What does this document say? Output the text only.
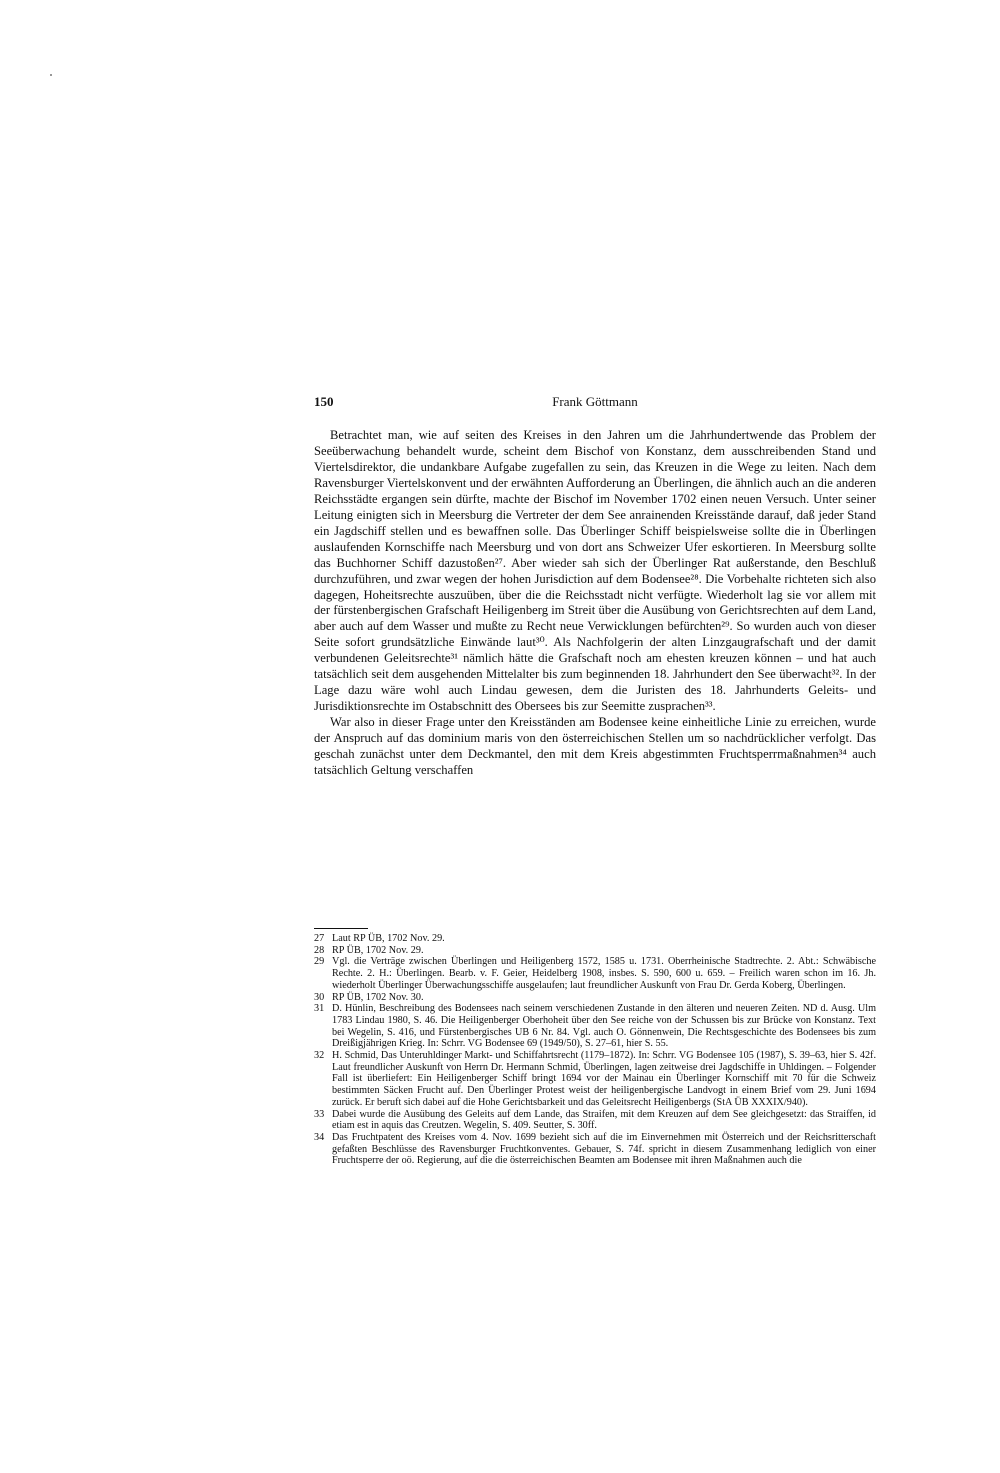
150	Frank Göttmann

Betrachtet man, wie auf seiten des Kreises in den Jahren um die Jahrhundertwende das Problem der Seeüberwachung behandelt wurde, scheint dem Bischof von Konstanz, dem ausschreibenden Stand und Viertelsdirektor, die undankbare Aufgabe zugefallen zu sein, das Kreuzen in die Wege zu leiten. Nach dem Ravensburger Viertelskonvent und der erwähnten Aufforderung an Überlingen, die ähnlich auch an die anderen Reichsstädte ergangen sein dürfte, machte der Bischof im November 1702 einen neuen Versuch. Unter seiner Leitung einigten sich in Meersburg die Vertreter der dem See anrainenden Kreisstände darauf, daß jeder Stand ein Jagdschiff stellen und es bewaffnen solle. Das Überlinger Schiff beispielsweise sollte die in Überlingen auslaufenden Kornschiffe nach Meersburg und von dort ans Schweizer Ufer eskortieren. In Meersburg sollte das Buchhorner Schiff dazustoßen²⁷. Aber wieder sah sich der Überlinger Rat außerstande, den Beschluß durchzuführen, und zwar wegen der hohen Jurisdiction auf dem Bodensee²⁸. Die Vorbehalte richteten sich also dagegen, Hoheitsrechte auszuüben, über die die Reichsstadt nicht verfügte. Wiederholt lag sie vor allem mit der fürstenbergischen Grafschaft Heiligenberg im Streit über die Ausübung von Gerichtsrechten auf dem Land, aber auch auf dem Wasser und mußte zu Recht neue Verwicklungen befürchten²⁹. So wurden auch von dieser Seite sofort grundsätzliche Einwände laut³⁰. Als Nachfolgerin der alten Linzgaugrafschaft und der damit verbundenen Geleitsrechte³¹ nämlich hätte die Grafschaft noch am ehesten kreuzen können – und hat auch tatsächlich seit dem ausgehenden Mittelalter bis zum beginnenden 18. Jahrhundert den See überwacht³². In der Lage dazu wäre wohl auch Lindau gewesen, dem die Juristen des 18. Jahrhunderts Geleits- und Jurisdiktionsrechte im Ostabschnitt des Obersees bis zur Seemitte zusprachen³³.

War also in dieser Frage unter den Kreisständen am Bodensee keine einheitliche Linie zu erreichen, wurde der Anspruch auf das dominium maris von den österreichischen Stellen um so nachdrücklicher verfolgt. Das geschah zunächst unter dem Deckmantel, den mit dem Kreis abgestimmten Fruchtsperrmaßnahmen³⁴ auch tatsächlich Geltung verschaffen

27 Laut RP ÜB, 1702 Nov. 29.
28 RP ÜB, 1702 Nov. 29.
29 Vgl. die Verträge zwischen Überlingen und Heiligenberg 1572, 1585 u. 1731. Oberrheinische Stadtrechte. 2. Abt.: Schwäbische Rechte. 2. H.: Überlingen. Bearb. v. F. Geier, Heidelberg 1908, insbes. S. 590, 600 u. 659. – Freilich waren schon im 16. Jh. wiederholt Überlinger Überwachungsschiffe ausgelaufen; laut freundlicher Auskunft von Frau Dr. Gerda Koberg, Überlingen.
30 RP ÜB, 1702 Nov. 30.
31 D. Hünlin, Beschreibung des Bodensees nach seinem verschiedenen Zustande in den älteren und neueren Zeiten. ND d. Ausg. Ulm 1783 Lindau 1980, S. 46. Die Heiligenberger Oberhoheit über den See reiche von der Schussen bis zur Brücke von Konstanz. Text bei Wegelin, S. 416, und Fürstenbergisches UB 6 Nr. 84. Vgl. auch O. Gönnenwein, Die Rechtsgeschichte des Bodensees bis zum Dreißigjährigen Krieg. In: Schrr. VG Bodensee 69 (1949/50), S. 27–61, hier S. 55.
32 H. Schmid, Das Unteruhldinger Markt- und Schiffahrtsrecht (1179–1872). In: Schrr. VG Bodensee 105 (1987), S. 39–63, hier S. 42f. Laut freundlicher Auskunft von Herrn Dr. Hermann Schmid, Überlingen, lagen zeitweise drei Jagdschiffe in Uhldingen. – Folgender Fall ist überliefert: Ein Heiligenberger Schiff bringt 1694 vor der Mainau ein Überlinger Kornschiff mit 70 für die Schweiz bestimmten Säcken Frucht auf. Den Überlinger Protest weist der heiligenbergische Landvogt in einem Brief vom 29. Juni 1694 zurück. Er beruft sich dabei auf die Hohe Gerichtsbarkeit und das Geleitsrecht Heiligenbergs (StA ÜB XXXIX/940).
33 Dabei wurde die Ausübung des Geleits auf dem Lande, das Straifen, mit dem Kreuzen auf dem See gleichgesetzt: das Straiffen, id etiam est in aquis das Creutzen. Wegelin, S. 409. Seutter, S. 30ff.
34 Das Fruchtpatent des Kreises vom 4. Nov. 1699 bezieht sich auf die im Einvernehmen mit Österreich und der Reichsritterschaft gefaßten Beschlüsse des Ravensburger Fruchtkonventes. Gebauer, S. 74f. spricht in diesem Zusammenhang lediglich von einer Fruchtsperre der oö. Regierung, auf die die österreichischen Beamten am Bodensee mit ihren Maßnahmen auch die
